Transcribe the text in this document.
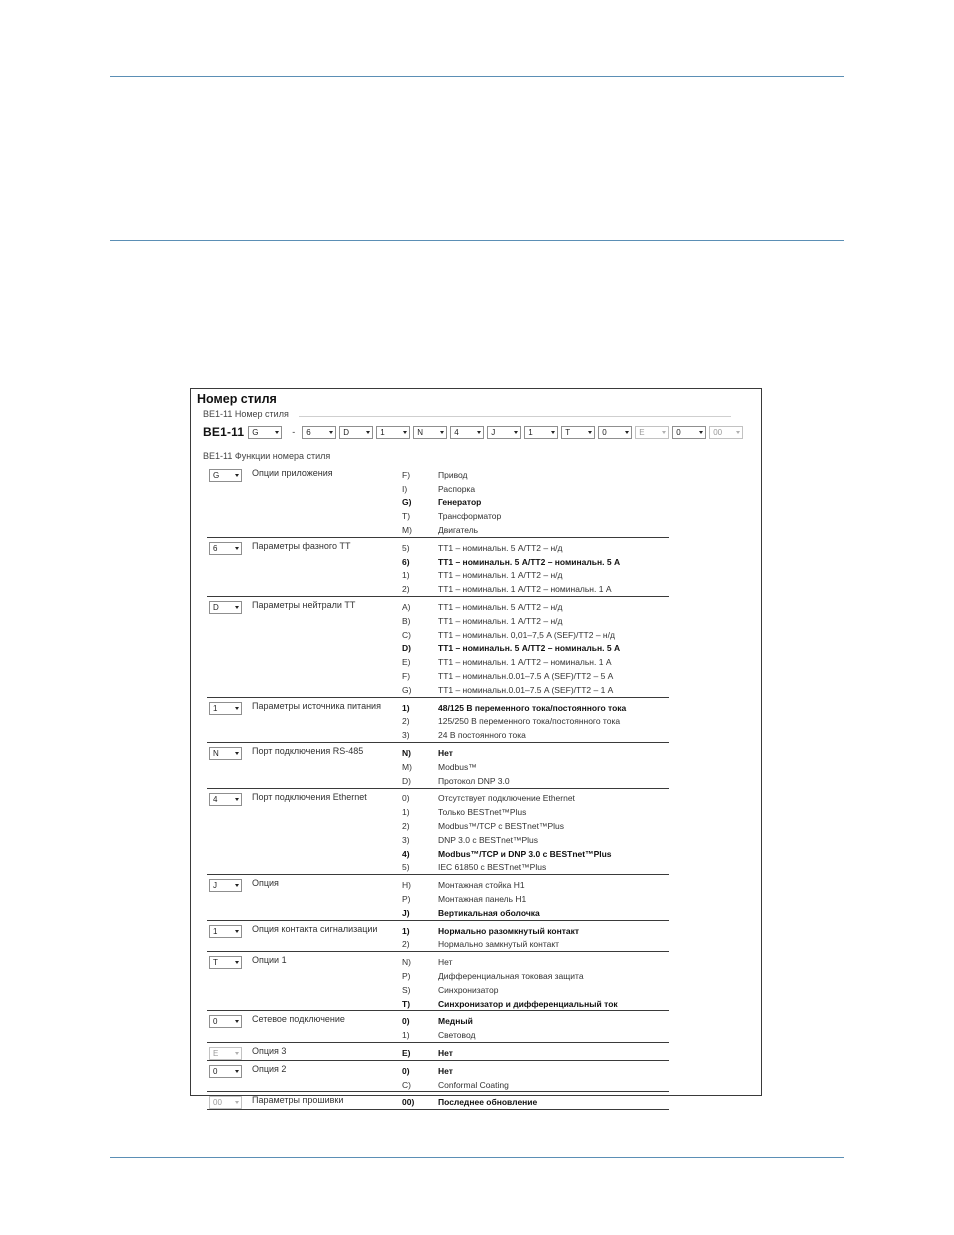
Номер стиля
BE1-11 Номер стиля
BE1-11 G	- 6	D	1	N	4	J	1	T	0	E	0	00
BE1-11 Функции номера стиля
G	Опции приложения	F)	Привод
I)	Распорка
G)	Генератор
T)	Трансформатор
M)	Двигатель
6	Параметры фазного ТТ	5)	ТТ1 – номинальн. 5 A/ТТ2 – н/д
6)	ТТ1 – номинальн. 5 A/ТТ2 – номинальн. 5 A
1)	ТТ1 – номинальн. 1 A/ТТ2 – н/д
2)	ТТ1 – номинальн. 1 A/ТТ2 – номинальн. 1 A
D	Параметры нейтрали ТТ	A)	ТТ1 – номинальн. 5 A/ТТ2 – н/д
B)	ТТ1 – номинальн. 1 A/ТТ2 – н/д
C)	ТТ1 – номинальн. 0,01–7,5 A (SEF)/ТТ2 – н/д
D)	ТТ1 – номинальн. 5 A/ТТ2 – номинальн. 5 A
E)	ТТ1 – номинальн. 1 A/ТТ2 – номинальн. 1 A
F)	ТТ1 – номинальн.0.01–7.5 A (SEF)/ТТ2 – 5 A
G)	ТТ1 – номинальн.0.01–7.5 A (SEF)/ТТ2 – 1 A
1	Параметры источника питания 1)	48/125 В переменного тока/постоянного тока
2)	125/250 В переменного тока/постоянного тока
3)	24 В постоянного тока
N	Порт подключения RS-485	N)	Нет
M)	Modbus™
D)	Протокол DNP 3.0
4	Порт подключения Ethernet	0)	Отсутствует подключение Ethernet
1)	Только BESTnet™Plus
2)	Modbus™/TCP с BESTnet™Plus
3)	DNP 3.0 с BESTnet™Plus
4)	Modbus™/TCP и DNP 3.0 с BESTnet™Plus
5)	IEC 61850 с BESTnet™Plus
J	Опция	H)	Монтажная стойка H1
P)	Монтажная панель H1
J)	Вертикальная оболочка
1	Опция контакта сигнализации	1)	Нормально разомкнутый контакт
2)	Нормально замкнутый контакт
T	Опции 1	N)	Нет
P)	Дифференциальная токовая защита
S)	Синхронизатор
T)	Синхронизатор и дифференциальный ток
0	Сетевое подключение	0)	Медный
1)	Световод
E	Опция 3	E)	Нет
0	Опция 2	0)	Нет
C)	Conformal Coating
00	Параметры прошивки	00)	Последнее обновление
